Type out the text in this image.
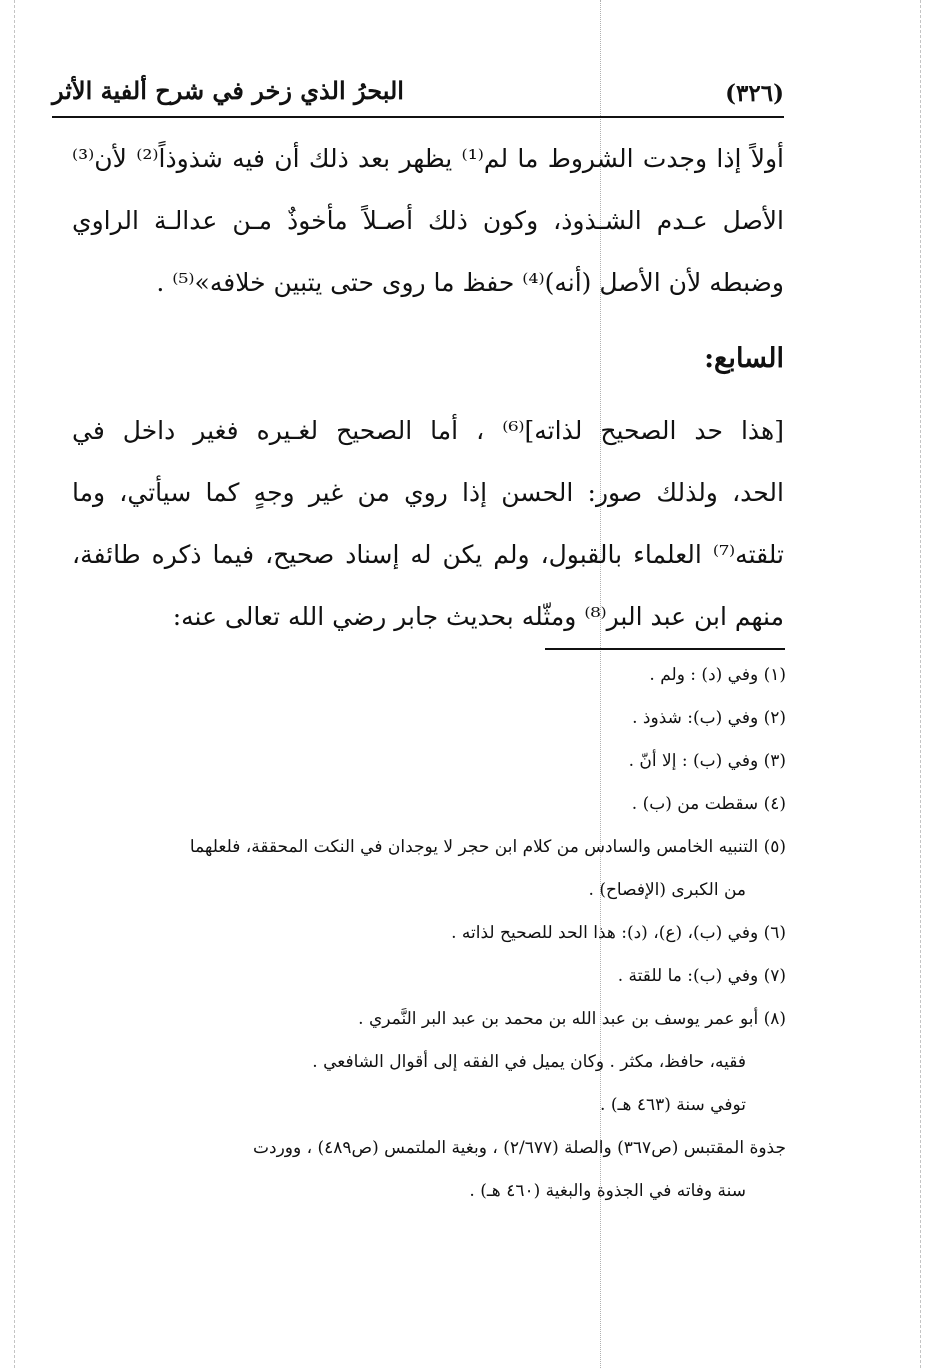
(٣٢٦)
البحرُ الذي زخر في شرح ألفية الأثر

أولاً إذا وجدت الشروط ما لم⁽¹⁾ يظهر بعد ذلك أن فيه شذوذاً⁽²⁾ لأن⁽³⁾
الأصل عـدم الشـذوذ، وكون ذلك أصـلاً مأخوذٌ مـن عدالـة الراوي
وضبطه لأن الأصل (أنه)⁽⁴⁾ حفظ ما روى حتى يتبين خلافه»⁽⁵⁾ .

السابع:

[هذا حد الصحيح لذاته]⁽⁶⁾ ، أما الصحيح لغـيره فغير داخل في
الحد، ولذلك صور: الحسن إذا روي من غير وجهٍ كما سيأتي، وما
تلقته⁽⁷⁾ العلماء بالقبول، ولم يكن له إسناد صحيح، فيما ذكره طائفة،
منهم ابن عبد البر⁽⁸⁾ ومثّله بحديث جابر رضي الله تعالى عنه:

(١) وفي (د) : ولم .

(٢) وفي (ب): شذوذ .

(٣) وفي (ب) : إلا أنّ .

(٤) سقطت من (ب) .

(٥) التنبيه الخامس والسادس من كلام ابن حجر لا يوجدان في النكت المحققة، فلعلهما

من الكبرى (الإفصاح) .

(٦) وفي (ب)، (ع)، (د): هذا الحد للصحيح لذاته .

(٧) وفي (ب): ما للقتة .

(٨) أبو عمر يوسف بن عبد الله بن محمد بن عبد البر النَّمري .

فقيه، حافظ، مكثر . وكان يميل في الفقه إلى أقوال الشافعي .

توفي سنة (٤٦٣ هـ) .

جذوة المقتبس (ص٣٦٧) والصلة (٢/٦٧٧) ، وبغية الملتمس (ص٤٨٩) ، ووردت

سنة وفاته في الجذوة والبغية (٤٦٠ هـ) .
